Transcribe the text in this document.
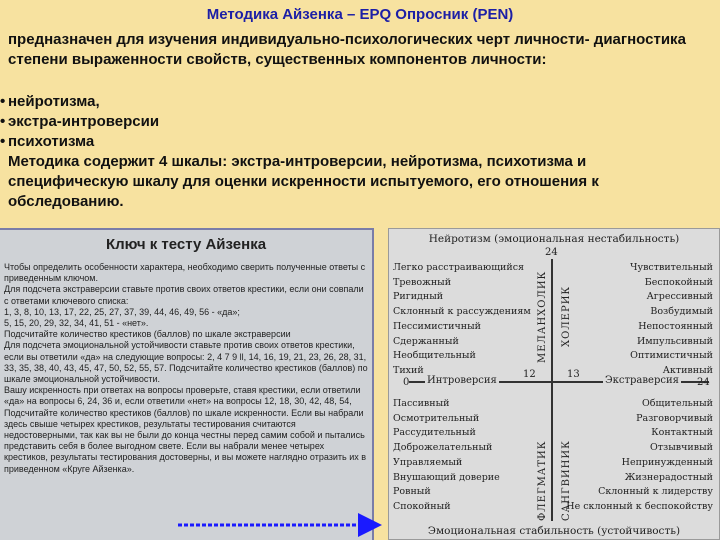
Методика Айзенка – EPQ Опросник (PEN)
предназначен для изучения индивидуально-психологических черт личности- диагностика степени выраженности свойств, существенных компонентов личности:
• нейротизма,
• экстра-интроверсии
• психотизма
Методика содержит 4 шкалы: экстра-интроверсии, нейротизма, психотизма и специфическую шкалу для оценки искренности испытуемого, его отношения к обследованию.
Ключ к тесту Айзенка

Чтобы определить особенности характера, необходимо сверить полученные ответы с приведенным ключом.

Для подсчета экстраверсии ставьте против своих ответов крестики, если они совпали с ответами ключевого списка:

1, 3, 8, 10, 13, 17, 22, 25, 27, 37, 39, 44, 46, 49, 56 - «да»;

5, 15, 20, 29, 32, 34, 41, 51 - «нет».

Подсчитайте количество крестиков (баллов) по шкале экстраверсии

Для подсчета эмоциональной устойчивости ставьте против своих ответов крестики, если вы ответили «да» на следующие вопросы: 2, 4 7 9 ll, 14, 16, 19, 21, 23, 26, 28, 31, 33, 35, 38, 40, 43, 45, 47, 50, 52, 55, 57. Подсчитайте количество крестиков (баллов) по шкале эмоциональной устойчивости.

Вашу искренность при ответах на вопросы проверьте, ставя крестики, если ответили «да» на вопросы 6, 24, 36 и, если ответили «нет» на вопросы 12, 18, 30, 42, 48, 54, Подсчитайте количество крестиков (баллов) по шкале искренности. Если вы набрали здесь свыше четырех крестиков, результаты тестирования считаются недостоверными, так как вы не были до конца честны перед самим собой и пытались представить себя в более выгодном свете. Если вы набрали менее четырех крестиков, результаты тестирования достоверны, и вы можете наглядно отразить их в приведенном «Круге Айзенка».

Нейротизм (эмоциональная нестабильность)
24
0	24
12	13
Интроверсия	Экстраверсия
МЕЛАНХОЛИК ХОЛЕРИК
ФЛЕГМАТИК САНГВИНИК
Легко расстраивающийся
Тревожный
Ригидный
Склонный к рассуждениям
Пессимистичный
Сдержанный
Необщительный
Тихий
Чувствительный
Беспокойный
Агрессивный
Возбудимый
Непостоянный
Импульсивный
Оптимистичный
Активный
Пассивный
Осмотрительный
Рассудительный
Доброжелательный
Управляемый
Внушающий доверие
Ровный
Спокойный
Общительный
Разговорчивый
Контактный
Отзывчивый
Непринужденный
Жизнерадостный
Склонный к лидерству
Не склонный к беспокойству
Эмоциональная стабильность (устойчивость)
